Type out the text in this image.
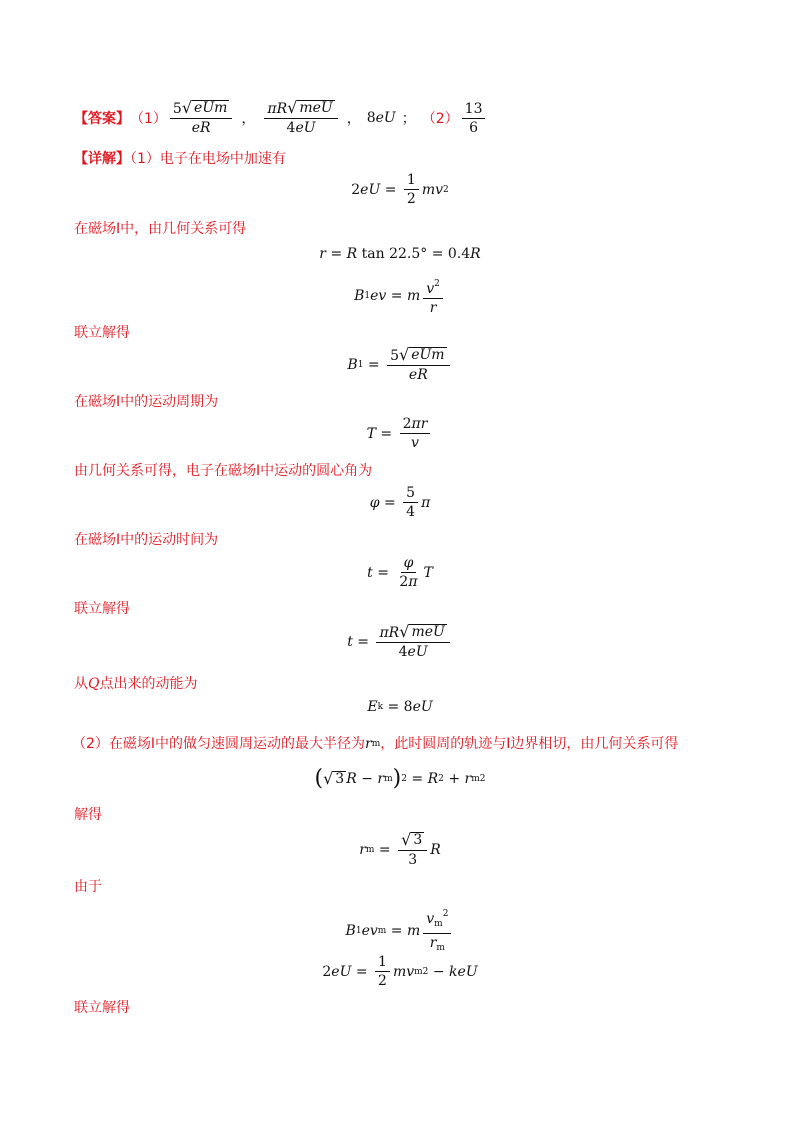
【答案】 $(1) \frac{\text{5 √ eUm}}{eR}$ ， $\frac{\text{πR √ meU}}{4eU}$ ， 8 eU ； $(2) \frac{13}{6}$
【详解】（1）电子在电场中加速有
2 eU = $\frac{1}{2}$ mv 2
在磁场Ⅰ中，由几何关系可得
r = R tan 22.5° = 0.4 R
B 1 ev = m $\frac{v^2}{r}$
联立解得
B $1 = \frac{\text{5 √ eUm}}{eR}$
在磁场Ⅰ中的运动周期为
$T = \frac{2\pi r}{v}$
由几何关系可得，电子在磁场Ⅰ中运动的圆心角为
$\varphi = \frac{5}{4}$ π
在磁场Ⅰ中的运动时间为
$t = \frac{\varphi}{2\pi}$ T
联立解得
$t = \frac{\text{πR √ meU}}{4eU}$
从Q点出来的动能为
E k = 8 eU
（2）在磁场Ⅰ中的做匀速圆周运动的最大半径为r m ，此时圆周的轨迹与Ⅰ边界相切，由几何关系可得
( √ 3 R − r m ) 2 = R 2 + r m 2
解得
r $m = \frac{√ 3}{3}$ R
由于
B 1 ev m = m $\frac{v_m^2}{r_m}$
2 eU = $\frac{1}{2}$ mv m 2 − keU
联立解得
